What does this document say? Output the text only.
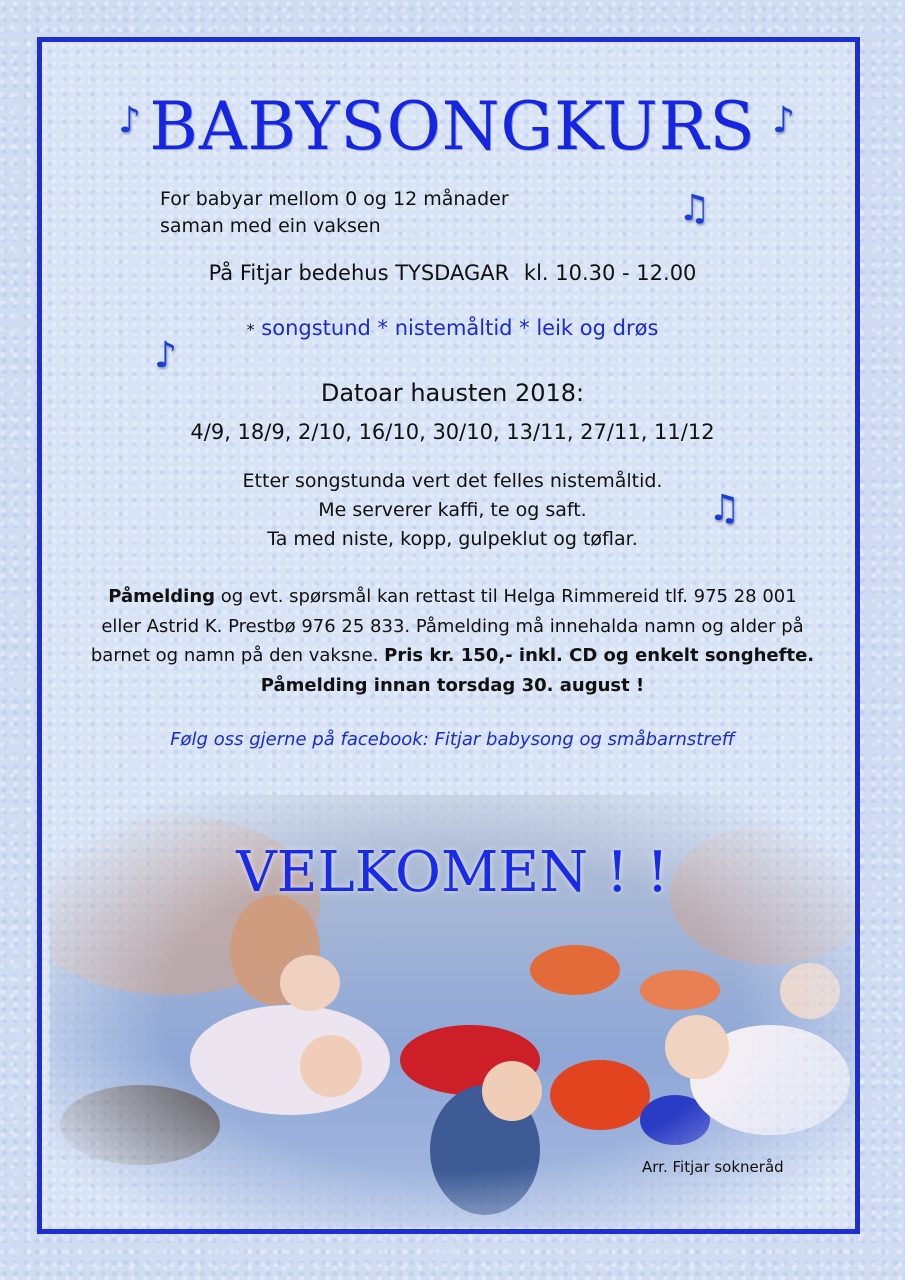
♪	♪
♫
♪
♫
BABYSONGKURS
For babyar mellom 0 og 12 månader
saman med ein vaksen
På Fitjar bedehus TYSDAGAR kl. 10.30 - 12.00
* songstund * nistemåltid * leik og drøs
Datoar hausten 2018:
4/9, 18/9, 2/10, 16/10, 30/10, 13/11, 27/11, 11/12
Etter songstunda vert det felles nistemåltid.
Me serverer kaffi, te og saft.
Ta med niste, kopp, gulpeklut og tøflar.
Påmelding og evt. spørsmål kan rettast til Helga Rimmereid tlf. 975 28 001 eller Astrid K. Prestbø 976 25 833. Påmelding må innehalda namn og alder på barnet og namn på den vaksne. Pris kr. 150,- inkl. CD og enkelt songhefte. Påmelding innan torsdag 30. august !
Følg oss gjerne på facebook: Fitjar babysong og småbarnstreff
VELKOMEN ! !
Arr. Fitjar sokneråd
